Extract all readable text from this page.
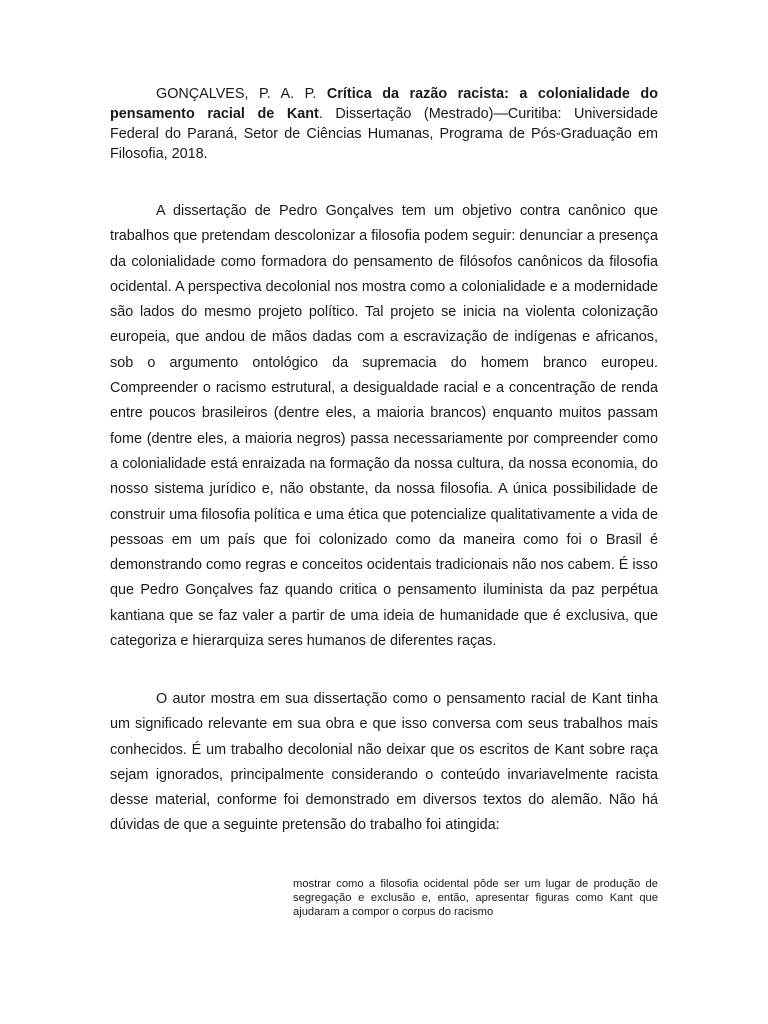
GONÇALVES, P. A. P. Crítica da razão racista: a colonialidade do pensamento racial de Kant. Dissertação (Mestrado)—Curitiba: Universidade Federal do Paraná, Setor de Ciências Humanas, Programa de Pós-Graduação em Filosofia, 2018.

A dissertação de Pedro Gonçalves tem um objetivo contra canônico que trabalhos que pretendam descolonizar a filosofia podem seguir: denunciar a presença da colonialidade como formadora do pensamento de filósofos canônicos da filosofia ocidental. A perspectiva decolonial nos mostra como a colonialidade e a modernidade são lados do mesmo projeto político. Tal projeto se inicia na violenta colonização europeia, que andou de mãos dadas com a escravização de indígenas e africanos, sob o argumento ontológico da supremacia do homem branco europeu. Compreender o racismo estrutural, a desigualdade racial e a concentração de renda entre poucos brasileiros (dentre eles, a maioria brancos) enquanto muitos passam fome (dentre eles, a maioria negros) passa necessariamente por compreender como a colonialidade está enraizada na formação da nossa cultura, da nossa economia, do nosso sistema jurídico e, não obstante, da nossa filosofia. A única possibilidade de construir uma filosofia política e uma ética que potencialize qualitativamente a vida de pessoas em um país que foi colonizado como da maneira como foi o Brasil é demonstrando como regras e conceitos ocidentais tradicionais não nos cabem. É isso que Pedro Gonçalves faz quando critica o pensamento iluminista da paz perpétua kantiana que se faz valer a partir de uma ideia de humanidade que é exclusiva, que categoriza e hierarquiza seres humanos de diferentes raças.

O autor mostra em sua dissertação como o pensamento racial de Kant tinha um significado relevante em sua obra e que isso conversa com seus trabalhos mais conhecidos. É um trabalho decolonial não deixar que os escritos de Kant sobre raça sejam ignorados, principalmente considerando o conteúdo invariavelmente racista desse material, conforme foi demonstrado em diversos textos do alemão. Não há dúvidas de que a seguinte pretensão do trabalho foi atingida:

mostrar como a filosofia ocidental pôde ser um lugar de produção de segregação e exclusão e, então, apresentar figuras como Kant que ajudaram a compor o corpus do racismo
